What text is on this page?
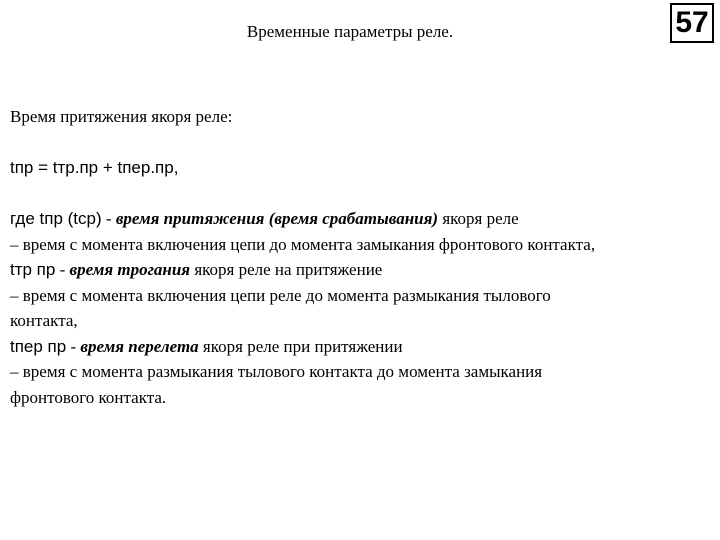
Временные параметры реле.	57
Время притяжения якоря реле:
tпр = tтр.пр + tпер.пр,
где tпр (tср) - время притяжения (время срабатывания) якоря реле
– время с момента включения цепи до момента замыкания фронтового контакта,
tтр пр - время трогания якоря реле на притяжение
– время с момента включения цепи реле до момента размыкания тылового
контакта,
tпер пр - время перелета якоря реле при притяжении
– время с момента размыкания тылового контакта до момента замыкания
фронтового контакта.
